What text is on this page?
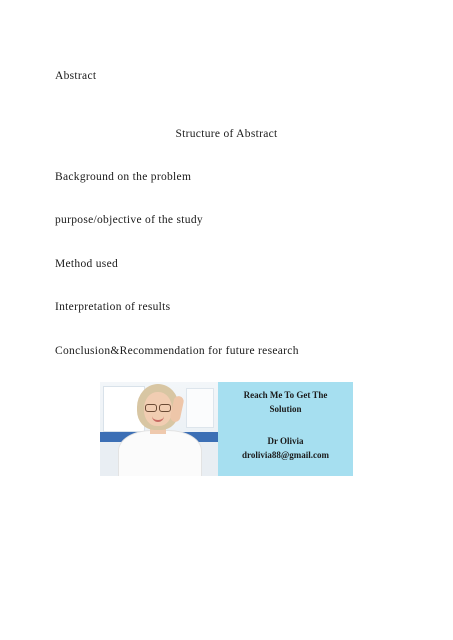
Abstract
Structure of Abstract
Background on the problem
purpose/objective of the study
Method used
Interpretation of results
Conclusion&Recommendation for future research
Reach Me To Get The
Solution
Dr Olivia
drolivia88@gmail.com
